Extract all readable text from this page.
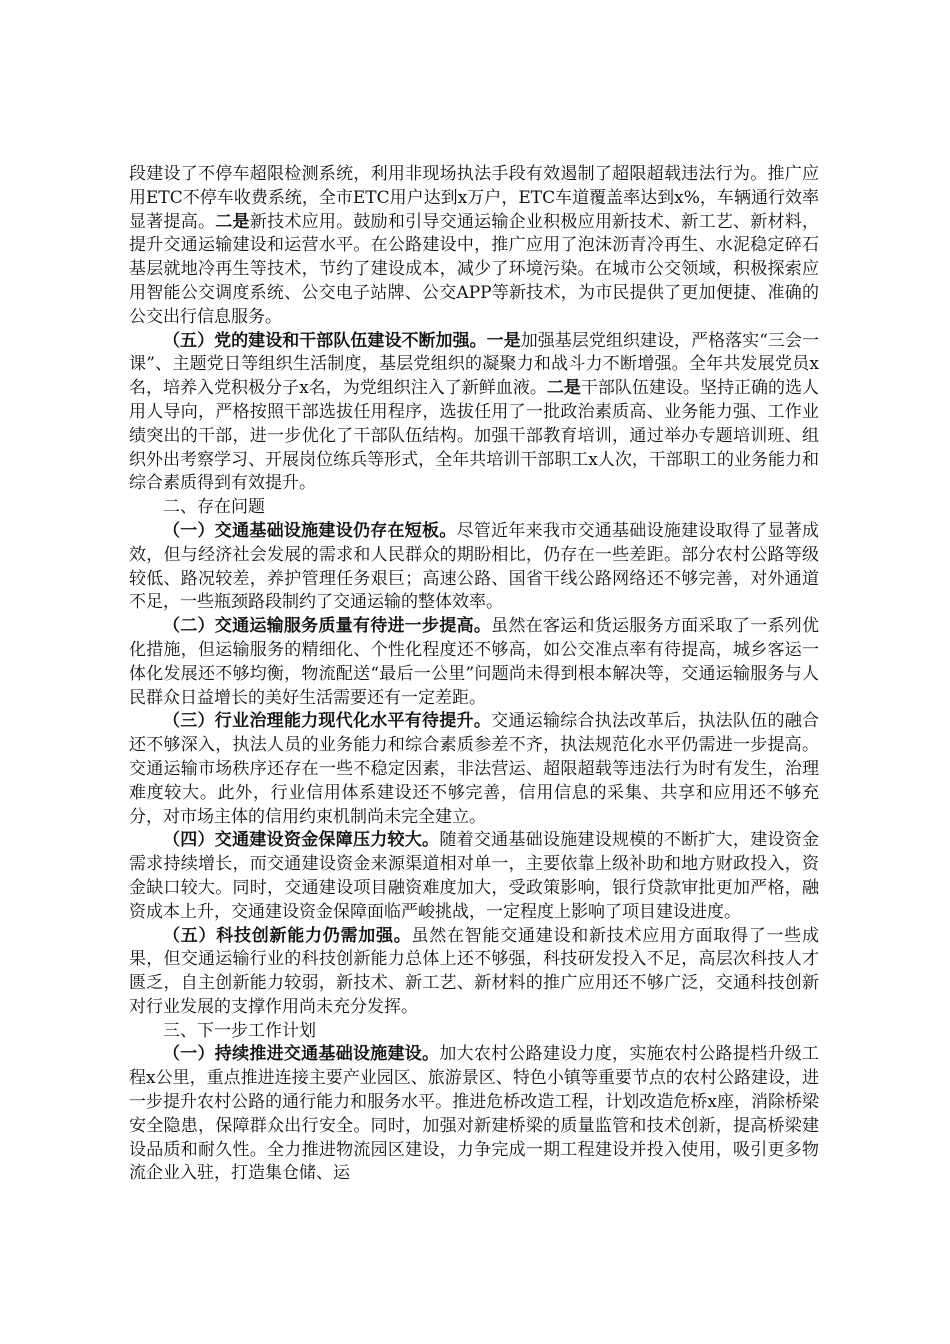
段建设了不停车超限检测系统，利用非现场执法手段有效遏制了超限超载违法行为。推广应用ETC不停车收费系统，全市ETC用户达到x万户，ETC车道覆盖率达到x%，车辆通行效率显著提高。二是新技术应用。鼓励和引导交通运输企业积极应用新技术、新工艺、新材料，提升交通运输建设和运营水平。在公路建设中，推广应用了泡沫沥青冷再生、水泥稳定碎石基层就地冷再生等技术，节约了建设成本，减少了环境污染。在城市公交领域，积极探索应用智能公交调度系统、公交电子站牌、公交APP等新技术，为市民提供了更加便捷、准确的公交出行信息服务。

（五）党的建设和干部队伍建设不断加强。一是加强基层党组织建设，严格落实“三会一课”、主题党日等组织生活制度，基层党组织的凝聚力和战斗力不断增强。全年共发展党员x名，培养入党积极分子x名，为党组织注入了新鲜血液。二是干部队伍建设。坚持正确的选人用人导向，严格按照干部选拔任用程序，选拔任用了一批政治素质高、业务能力强、工作业绩突出的干部，进一步优化了干部队伍结构。加强干部教育培训，通过举办专题培训班、组织外出考察学习、开展岗位练兵等形式，全年共培训干部职工x人次，干部职工的业务能力和综合素质得到有效提升。

二、存在问题

（一）交通基础设施建设仍存在短板。尽管近年来我市交通基础设施建设取得了显著成效，但与经济社会发展的需求和人民群众的期盼相比，仍存在一些差距。部分农村公路等级较低、路况较差，养护管理任务艰巨；高速公路、国省干线公路网络还不够完善，对外通道不足，一些瓶颈路段制约了交通运输的整体效率。

（二）交通运输服务质量有待进一步提高。虽然在客运和货运服务方面采取了一系列优化措施，但运输服务的精细化、个性化程度还不够高，如公交准点率有待提高，城乡客运一体化发展还不够均衡，物流配送“最后一公里”问题尚未得到根本解决等，交通运输服务与人民群众日益增长的美好生活需要还有一定差距。

（三）行业治理能力现代化水平有待提升。交通运输综合执法改革后，执法队伍的融合还不够深入，执法人员的业务能力和综合素质参差不齐，执法规范化水平仍需进一步提高。交通运输市场秩序还存在一些不稳定因素，非法营运、超限超载等违法行为时有发生，治理难度较大。此外，行业信用体系建设还不够完善，信用信息的采集、共享和应用还不够充分，对市场主体的信用约束机制尚未完全建立。

（四）交通建设资金保障压力较大。随着交通基础设施建设规模的不断扩大，建设资金需求持续增长，而交通建设资金来源渠道相对单一，主要依靠上级补助和地方财政投入，资金缺口较大。同时，交通建设项目融资难度加大，受政策影响，银行贷款审批更加严格，融资成本上升，交通建设资金保障面临严峻挑战，一定程度上影响了项目建设进度。

（五）科技创新能力仍需加强。虽然在智能交通建设和新技术应用方面取得了一些成果，但交通运输行业的科技创新能力总体上还不够强，科技研发投入不足，高层次科技人才匮乏，自主创新能力较弱，新技术、新工艺、新材料的推广应用还不够广泛，交通科技创新对行业发展的支撑作用尚未充分发挥。

三、下一步工作计划

（一）持续推进交通基础设施建设。加大农村公路建设力度，实施农村公路提档升级工程x公里，重点推进连接主要产业园区、旅游景区、特色小镇等重要节点的农村公路建设，进一步提升农村公路的通行能力和服务水平。推进危桥改造工程，计划改造危桥x座，消除桥梁安全隐患，保障群众出行安全。同时，加强对新建桥梁的质量监管和技术创新，提高桥梁建设品质和耐久性。全力推进物流园区建设，力争完成一期工程建设并投入使用，吸引更多物流企业入驻，打造集仓储、运
